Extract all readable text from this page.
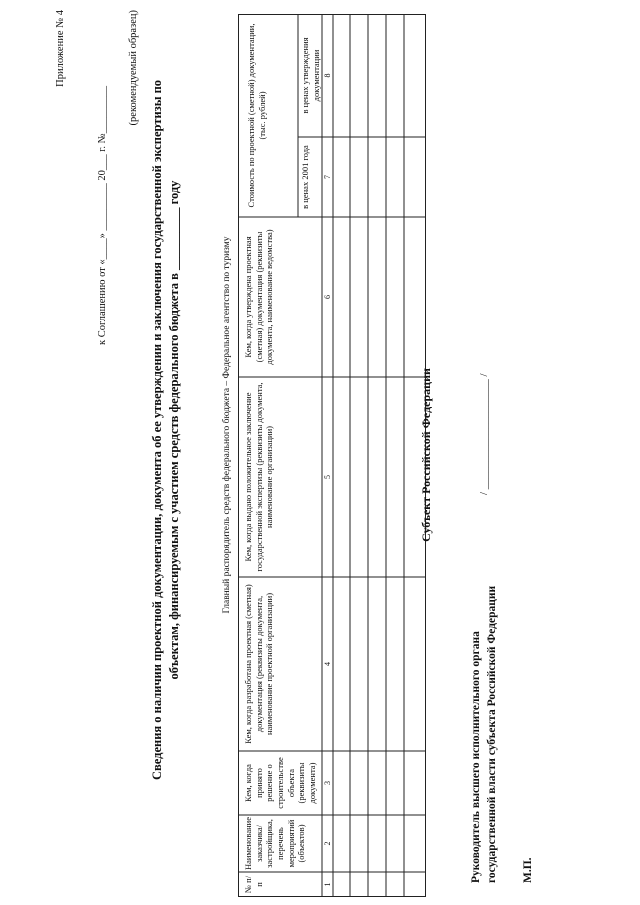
Приложение № 4
к Соглашению от «____» _________ 20___ г. №_________
(рекомендуемый образец)
Сведения о наличии проектной документации, документа об ее утверждении и заключения государственной экспертизы по объектам, финансируемым с участием средств федерального бюджета в __________ году	Главный распорядитель средств федерального бюджета – Федеральное агентство по туризму
№ п/п
Наименование заказчика/застройщика, перечень мероприятий (объектов)
Кем, когда принято решение о строительстве объекта (реквизиты документа)
Кем, когда разработана проектная (сметная) документация (реквизиты документа, наименование проектной организации)
Кем, когда выдано положительное заключение государственной экспертизы (реквизиты документа, наименование организации)
Кем, когда утверждена проектная (сметная) документация (реквизиты документа, наименование ведомства)
Стоимость по проектной (сметной) документации, (тыс. рублей)
в ценах 2001 года
в ценах утверждения документации
1
2
3
4
5
6
7
8
Субъект Российской Федерации
Руководитель высшего исполнительного органа государственной власти субъекта Российской Федерации
/ ____________________ /
М.П.
